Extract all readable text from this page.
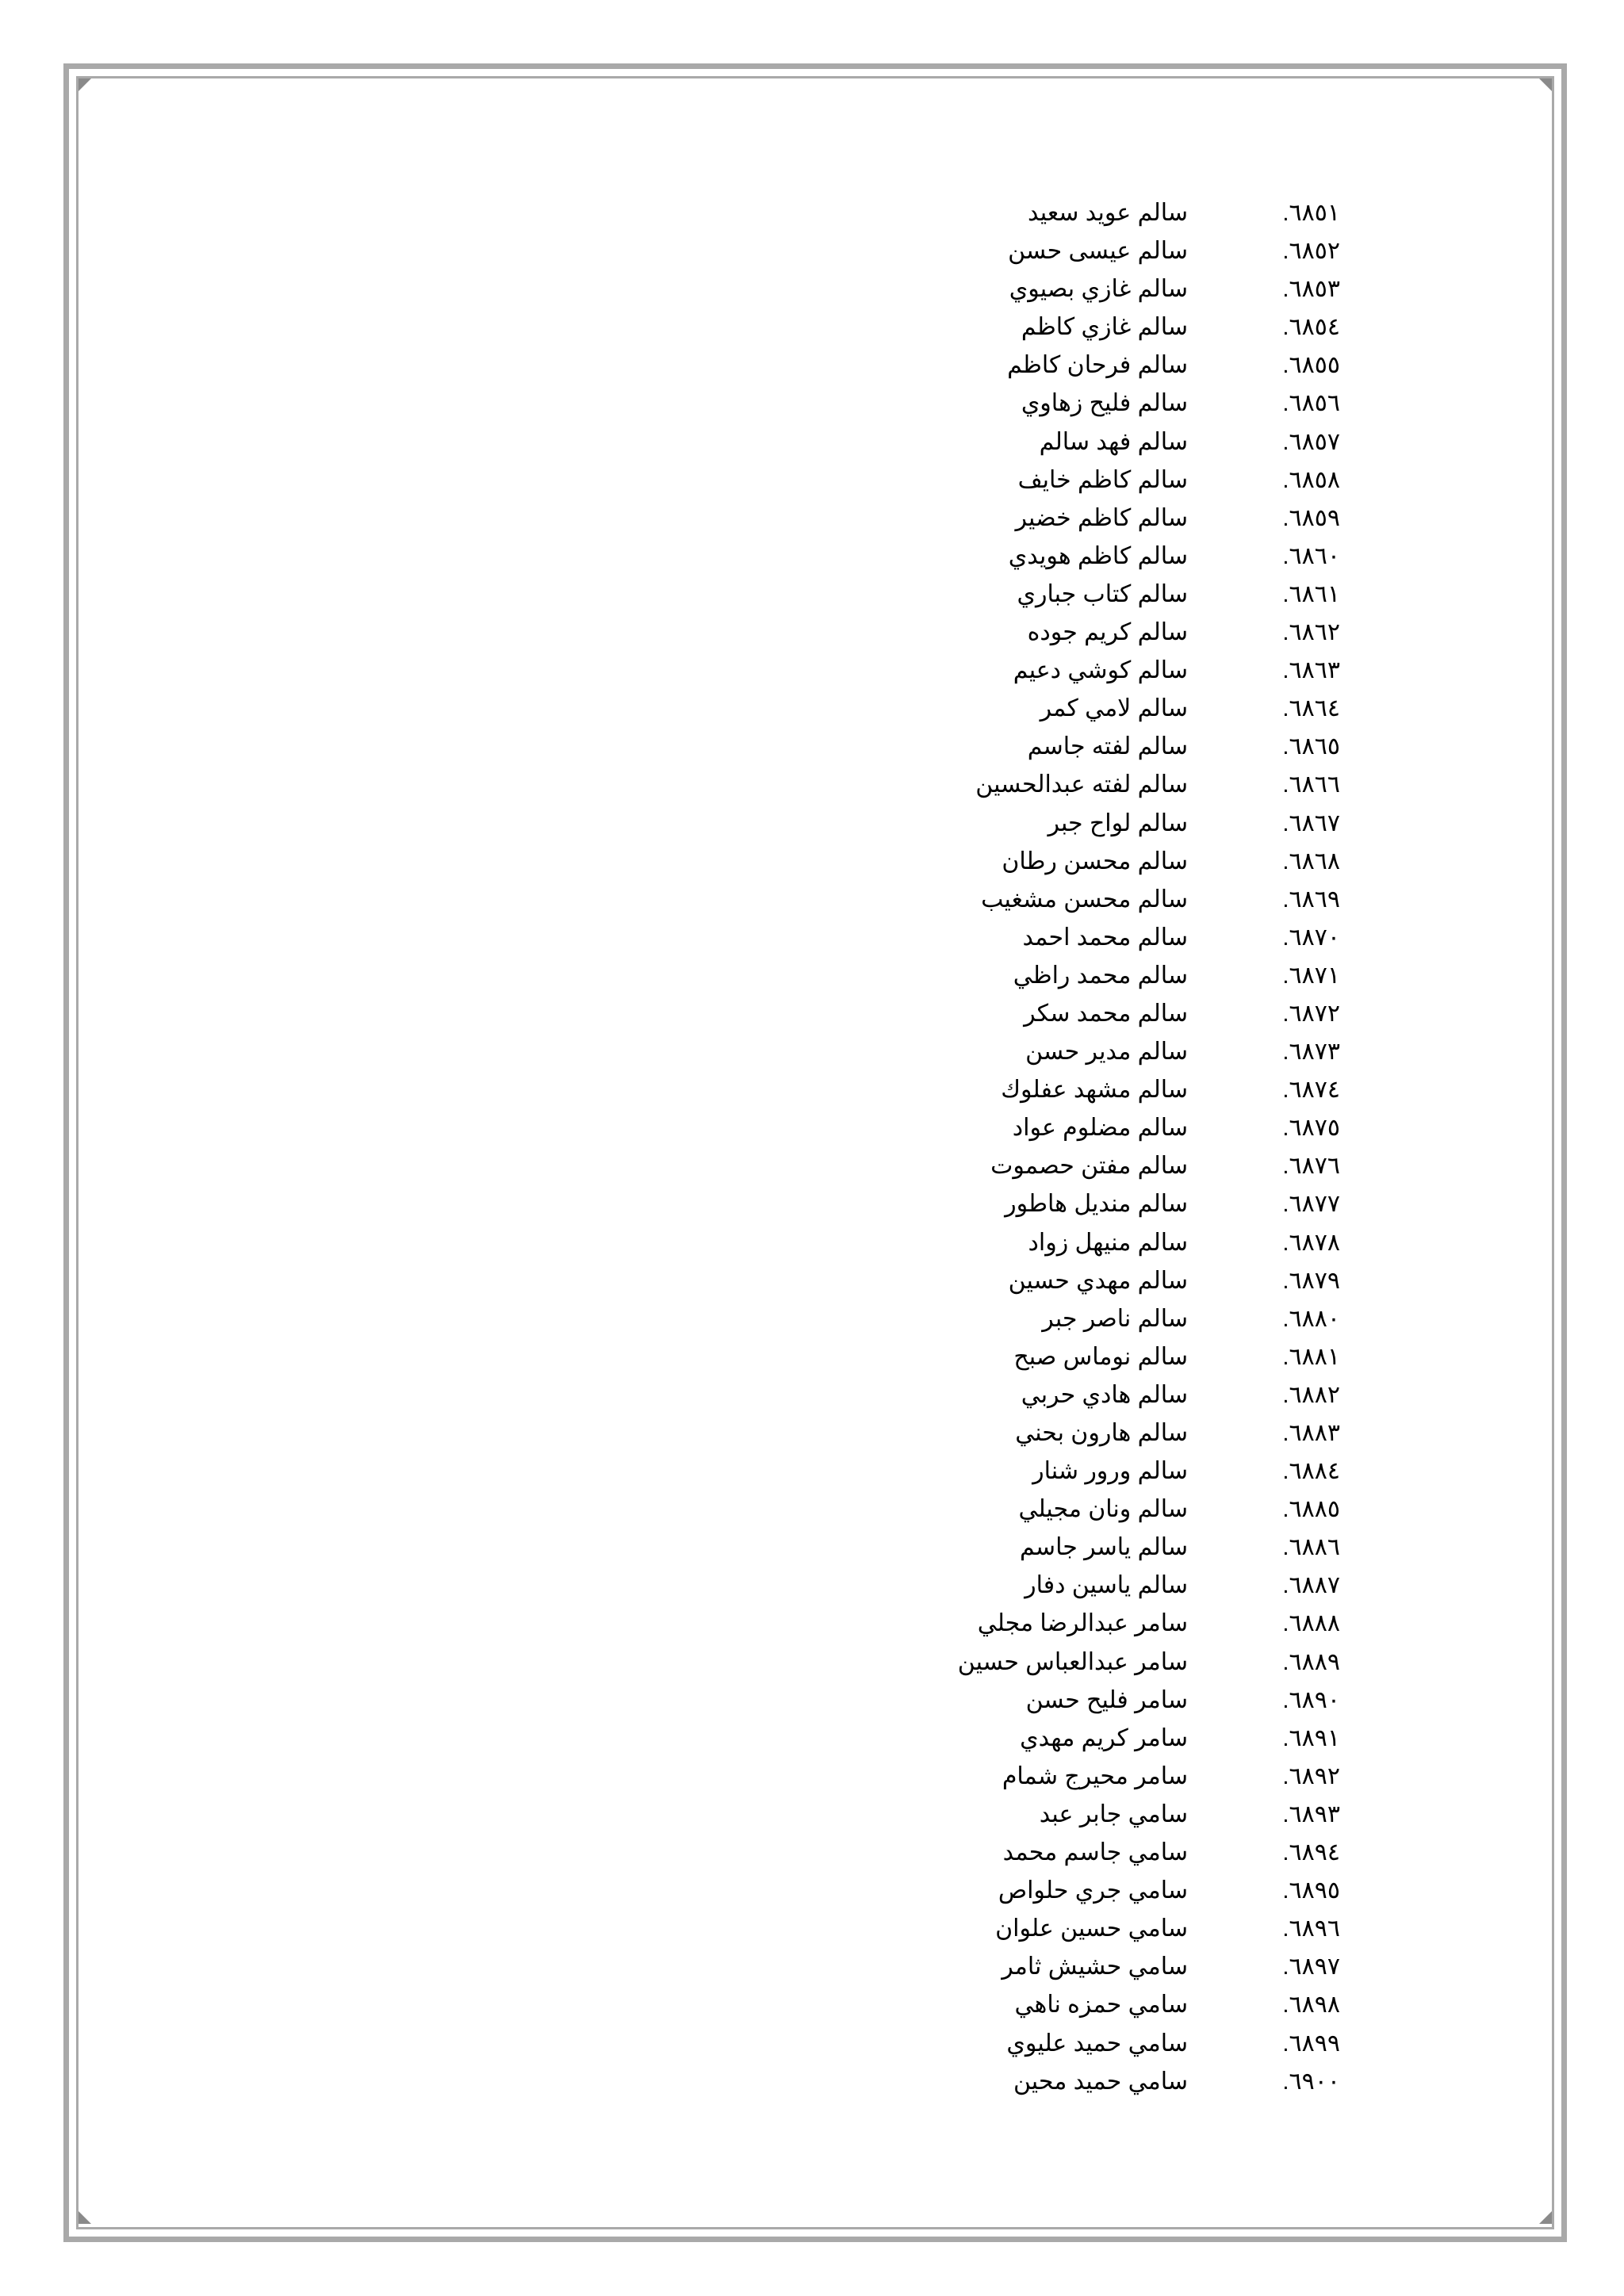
٦٨٥١.
سالم عويد سعيد
٦٨٥٢.
سالم عيسى حسن
٦٨٥٣.
سالم غازي بصيوي
٦٨٥٤.
سالم غازي كاظم
٦٨٥٥.
سالم فرحان كاظم
٦٨٥٦.
سالم فليح زهاوي
٦٨٥٧.
سالم فهد سالم
٦٨٥٨.
سالم كاظم خايف
٦٨٥٩.
سالم كاظم خضير
٦٨٦٠.
سالم كاظم هويدي
٦٨٦١.
سالم كتاب جباري
٦٨٦٢.
سالم كريم جوده
٦٨٦٣.
سالم كوشي دعيم
٦٨٦٤.
سالم لامي كمر
٦٨٦٥.
سالم لفته جاسم
٦٨٦٦.
سالم لفته عبدالحسين
٦٨٦٧.
سالم لواح جبر
٦٨٦٨.
سالم محسن رطان
٦٨٦٩.
سالم محسن مشغيب
٦٨٧٠.
سالم محمد احمد
٦٨٧١.
سالم محمد راظي
٦٨٧٢.
سالم محمد سكر
٦٨٧٣.
سالم مدير حسن
٦٨٧٤.
سالم مشهد عفلوك
٦٨٧٥.
سالم مضلوم عواد
٦٨٧٦.
سالم مفتن حصموت
٦٨٧٧.
سالم منديل هاطور
٦٨٧٨.
سالم منيهل زواد
٦٨٧٩.
سالم مهدي حسين
٦٨٨٠.
سالم ناصر جبر
٦٨٨١.
سالم نوماس صبح
٦٨٨٢.
سالم هادي حربي
٦٨٨٣.
سالم هارون بحني
٦٨٨٤.
سالم ورور شنار
٦٨٨٥.
سالم ونان مجيلي
٦٨٨٦.
سالم ياسر جاسم
٦٨٨٧.
سالم ياسين دفار
٦٨٨٨.
سامر عبدالرضا مجلي
٦٨٨٩.
سامر عبدالعباس حسين
٦٨٩٠.
سامر فليح حسن
٦٨٩١.
سامر كريم مهدي
٦٨٩٢.
سامر محيرج شمام
٦٨٩٣.
سامي جابر عبد
٦٨٩٤.
سامي جاسم محمد
٦٨٩٥.
سامي جري حلواص
٦٨٩٦.
سامي حسين علوان
٦٨٩٧.
سامي حشيش ثامر
٦٨٩٨.
سامي حمزه ناهي
٦٨٩٩.
سامي حميد عليوي
٦٩٠٠.
سامي حميد محين
